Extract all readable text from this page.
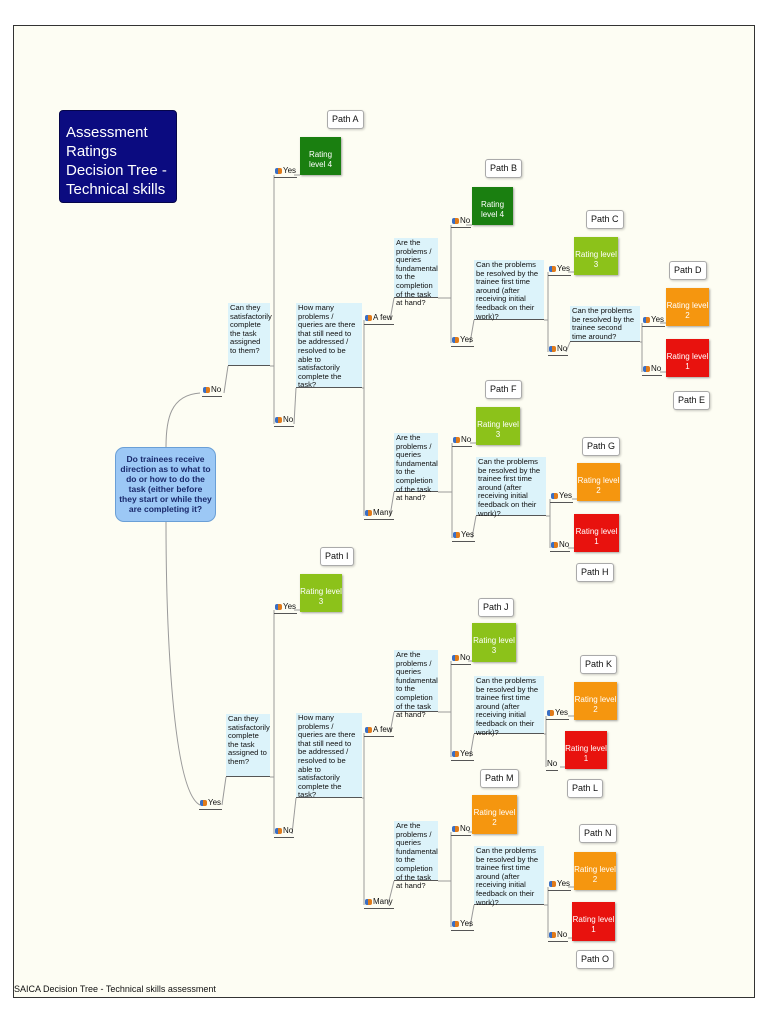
Assessment Ratings Decision Tree - Technical skills
Do trainees receive direction as to what to do or how to do the task (either before they start or while they are completing it?
No
Yes
Can they satisfactorily complete the task assigned to them?
Yes
Rating level 4
Path A
No
How many problems / queries are there that still need to be addressed / resolved to be able to satisfactorily complete the task?
A few
Are the problems / queries fundamental to the completion of the task at hand?
No
Rating level 4
Path B
Yes
Can the problems be resolved by the trainee first time around (after receiving initial feedback on their work)?
Yes
Rating level 3
Path C
No
Can the problems be resolved by the trainee second time around?
Yes
Rating level 2
Path D
No
Rating level 1
Path E
Many
Are the problems / queries fundamental to the completion of the task at hand?
No
Rating level 3
Path F
Yes
Can the problems be resolved by the trainee first time around (after receiving initial feedback on their work)?
Yes
Rating level 2
Path G
No
Rating level 1
Path H
Can they satisfactorily complete the task assigned to them?
Yes
Rating level 3
Path I
No
How many problems / queries are there that still need to be addressed / resolved to be able to satisfactorily complete the task?
A few
Are the problems / queries fundamental to the completion of the task at hand?
No
Rating level 3
Path J
Yes
Can the problems be resolved by the trainee first time around (after receiving initial feedback on their work)?
Yes
Rating level 2
Path K
No
Rating level 1
Path L
Many
Are the problems / queries fundamental to the completion of the task at hand?
No
Rating level 2
Path M
Yes
Can the problems be resolved by the trainee first time around (after receiving initial feedback on their work)?
Yes
Rating level 2
Path N
No
Rating level 1
Path O
SAICA Decision Tree - Technical skills assessment
